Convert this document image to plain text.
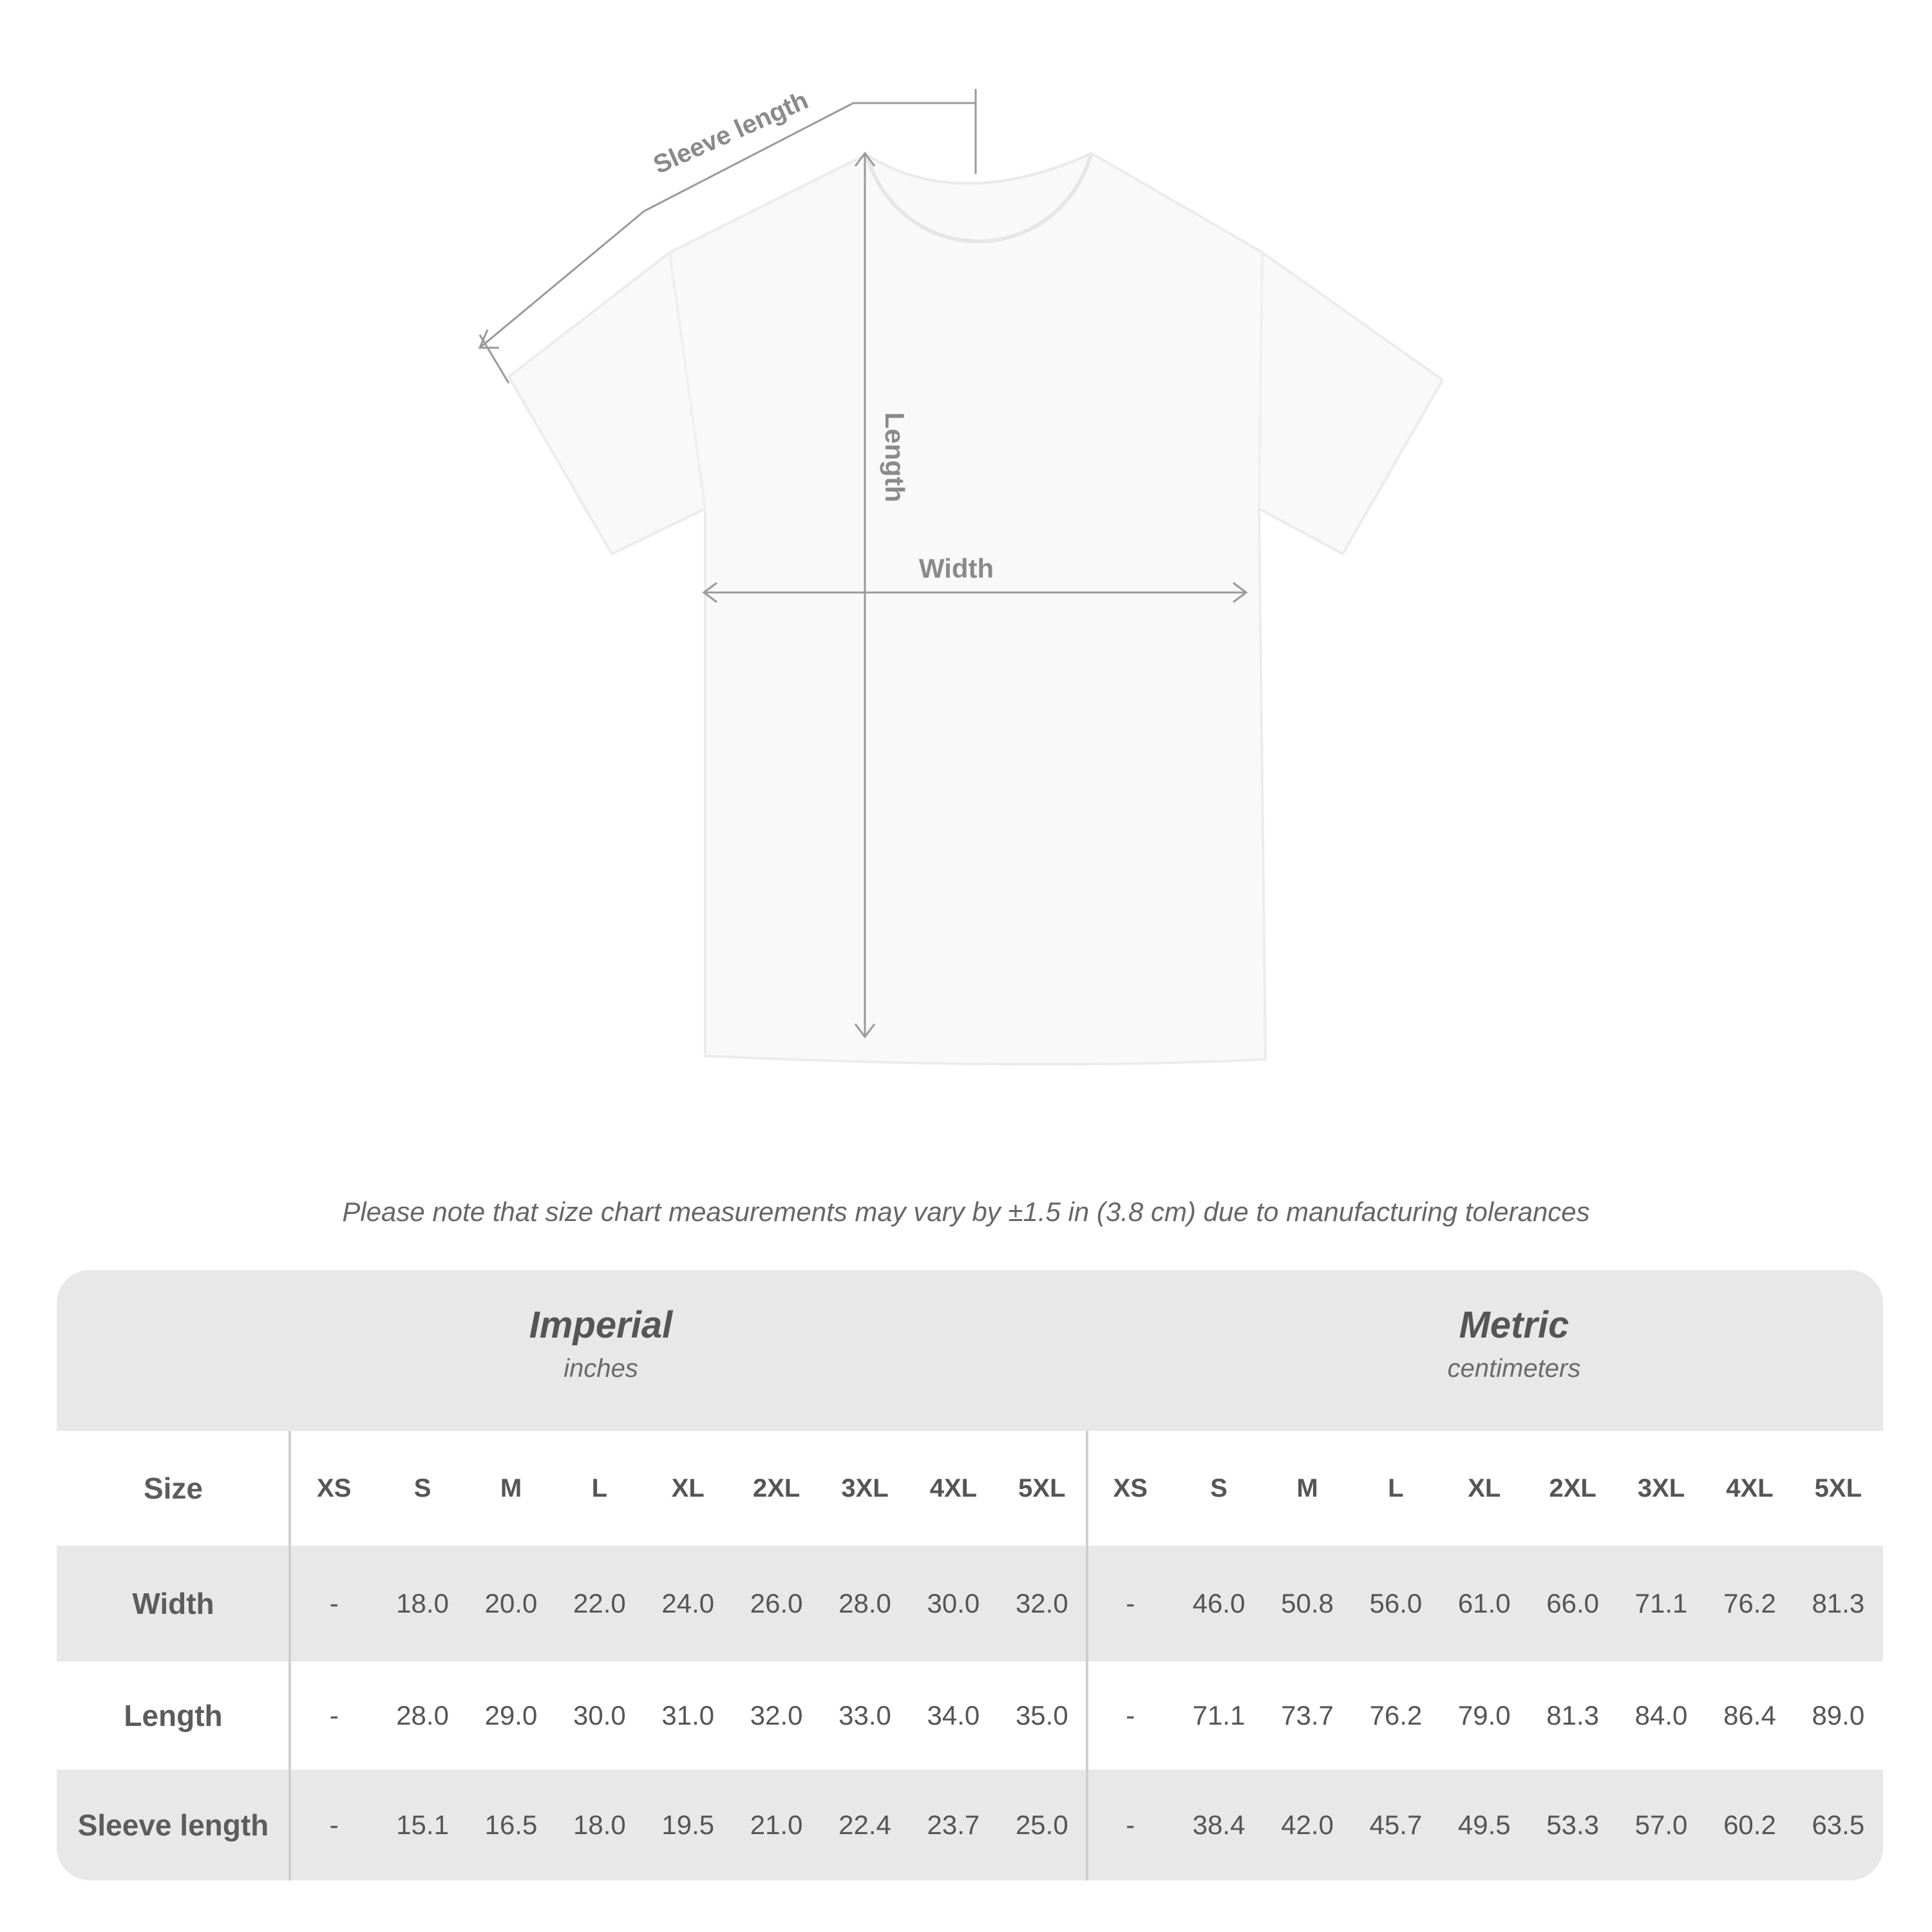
Sleeve length
Length
Width
Please note that size chart measurements may vary by ±1.5 in (3.8 cm) due to manufacturing tolerances
Imperial
inches
Metric
centimeters
Size	XS	S	M	L	XL	2XL	3XL	4XL	5XL	XS	S	M	L	XL	2XL	3XL	4XL	5XL
Width	-	18.0	20.0	22.0	24.0	26.0	28.0	30.0	32.0	-	46.0	50.8	56.0	61.0	66.0	71.1	76.2	81.3
Length	-	28.0	29.0	30.0	31.0	32.0	33.0	34.0	35.0	-	71.1	73.7	76.2	79.0	81.3	84.0	86.4	89.0
Sleeve length	-	15.1	16.5	18.0	19.5	21.0	22.4	23.7	25.0	-	38.4	42.0	45.7	49.5	53.3	57.0	60.2	63.5
